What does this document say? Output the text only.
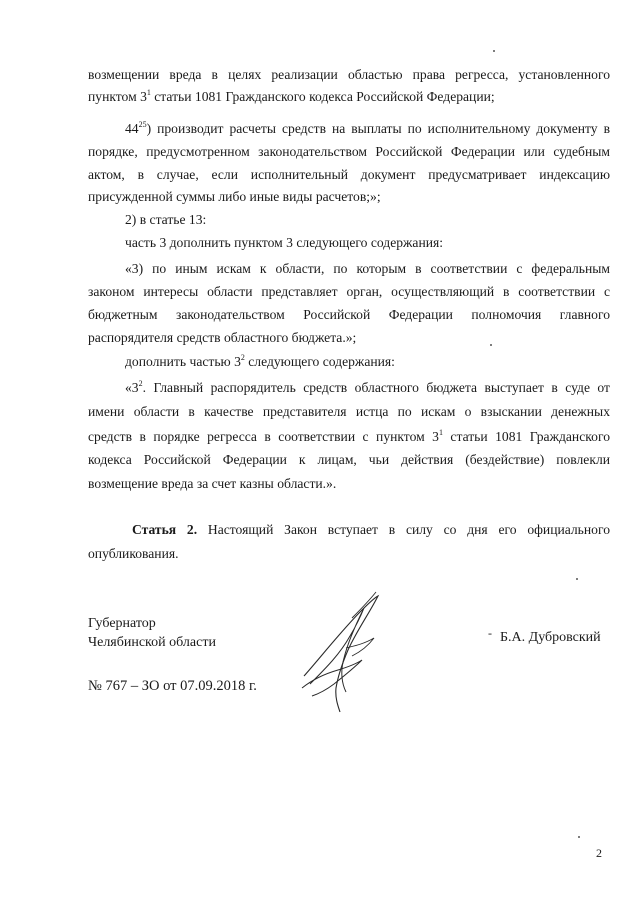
возмещении вреда в целях реализации областью права регресса, установленного
пунктом $3^1$ статьи 1081 Гражданского кодекса Российской Федерации;
$44^{25}$) производит расчеты средств на выплаты по исполнительному документу в
порядке, предусмотренном законодательством Российской Федерации или судебным
актом, в случае, если исполнительный документ предусматривает индексацию
присужденной суммы либо иные виды расчетов;»;
2) в статье 13:
часть 3 дополнить пунктом 3 следующего содержания:
«3) по иным искам к области, по которым в соответствии с федеральным
законом интересы области представляет орган, осуществляющий в соответствии с
бюджетным законодательством Российской Федерации полномочия главного
распорядителя средств областного бюджета.»;
дополнить частью $3^2$ следующего содержания:
«$3^2$. Главный распорядитель средств областного бюджета выступает в суде от
имени области в качестве представителя истца по искам о взыскании денежных
средств в порядке регресса в соответствии с пунктом $3^1$ статьи 1081 Гражданского
кодекса Российской Федерации к лицам, чьи действия (бездействие) повлекли
возмещение вреда за счет казны области.».
Статья 2. Настоящий Закон вступает в силу со дня его официального
опубликования.
Губернатор
Челябинской области
- Б.А. Дубровский
№ 767 – ЗО от 07.09.2018 г.
2
